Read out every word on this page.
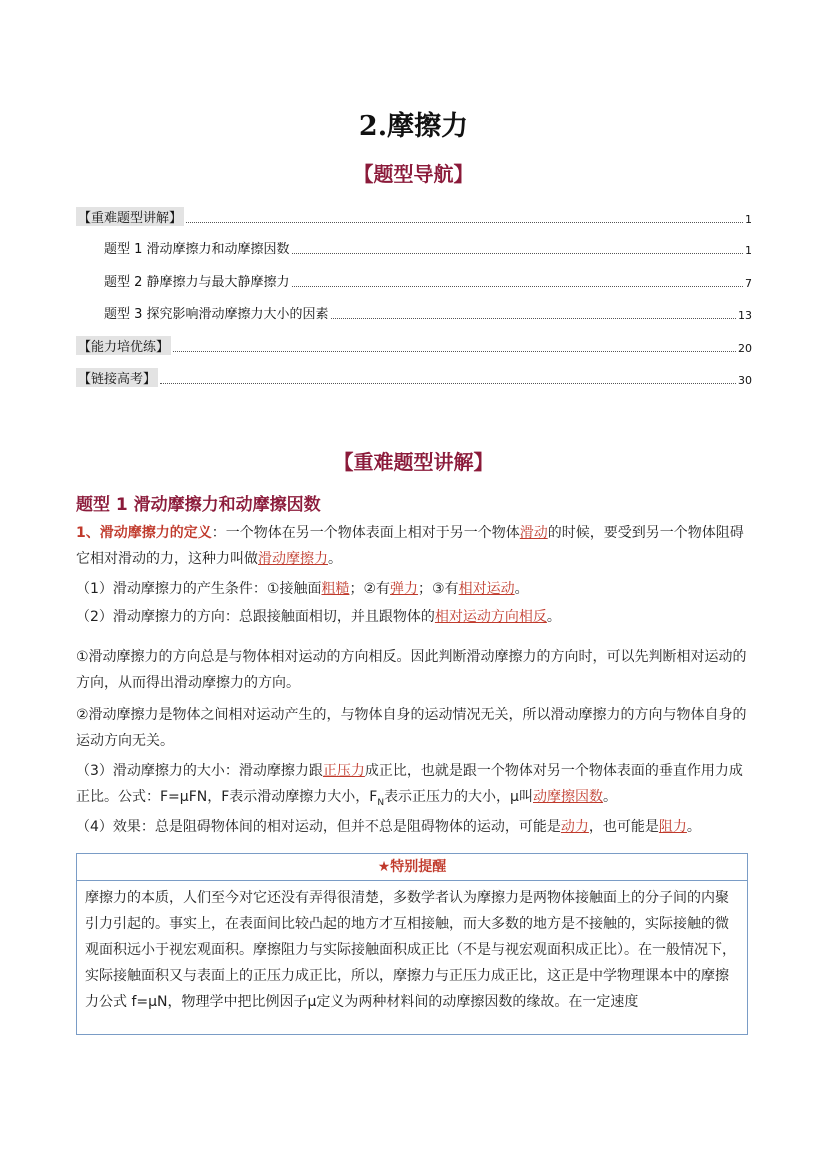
2.摩擦力
【题型导航】
【重难题型讲解】	1
题型 1 滑动摩擦力和动摩擦因数	1
题型 2 静摩擦力与最大静摩擦力	7
题型 3 探究影响滑动摩擦力大小的因素	13
【能力培优练】	20
【链接高考】	30
【重难题型讲解】
题型 1 滑动摩擦力和动摩擦因数
1、滑动摩擦力的定义：一个物体在另一个物体表面上相对于另一个物体滑动的时候，要受到另一个物体阻碍它相对滑动的力，这种力叫做滑动摩擦力。
（1）滑动摩擦力的产生条件：①接触面粗糙；②有弹力；③有相对运动。
（2）滑动摩擦力的方向：总跟接触面相切，并且跟物体的相对运动方向相反。
①滑动摩擦力的方向总是与物体相对运动的方向相反。因此判断滑动摩擦力的方向时，可以先判断相对运动的方向，从而得出滑动摩擦力的方向。
②滑动摩擦力是物体之间相对运动产生的，与物体自身的运动情况无关，所以滑动摩擦力的方向与物体自身的运动方向无关。
（3）滑动摩擦力的大小：滑动摩擦力跟正压力成正比，也就是跟一个物体对另一个物体表面的垂直作用力成正比。公式：F=μFN，F表示滑动摩擦力大小，$F_N$表示正压力的大小，μ叫动摩擦因数。
（4）效果：总是阻碍物体间的相对运动，但并不总是阻碍物体的运动，可能是动力，也可能是阻力。
★特别提醒
摩擦力的本质，人们至今对它还没有弄得很清楚，多数学者认为摩擦力是两物体接触面上的分子间的内聚引力引起的。事实上，在表面间比较凸起的地方才互相接触，而大多数的地方是不接触的，实际接触的微观面积远小于视宏观面积。摩擦阻力与实际接触面积成正比（不是与视宏观面积成正比）。在一般情况下，实际接触面积又与表面上的正压力成正比，所以，摩擦力与正压力成正比，这正是中学物理课本中的摩擦力公式 f=μN，物理学中把比例因子μ定义为两种材料间的动摩擦因数的缘故。在一定速度
